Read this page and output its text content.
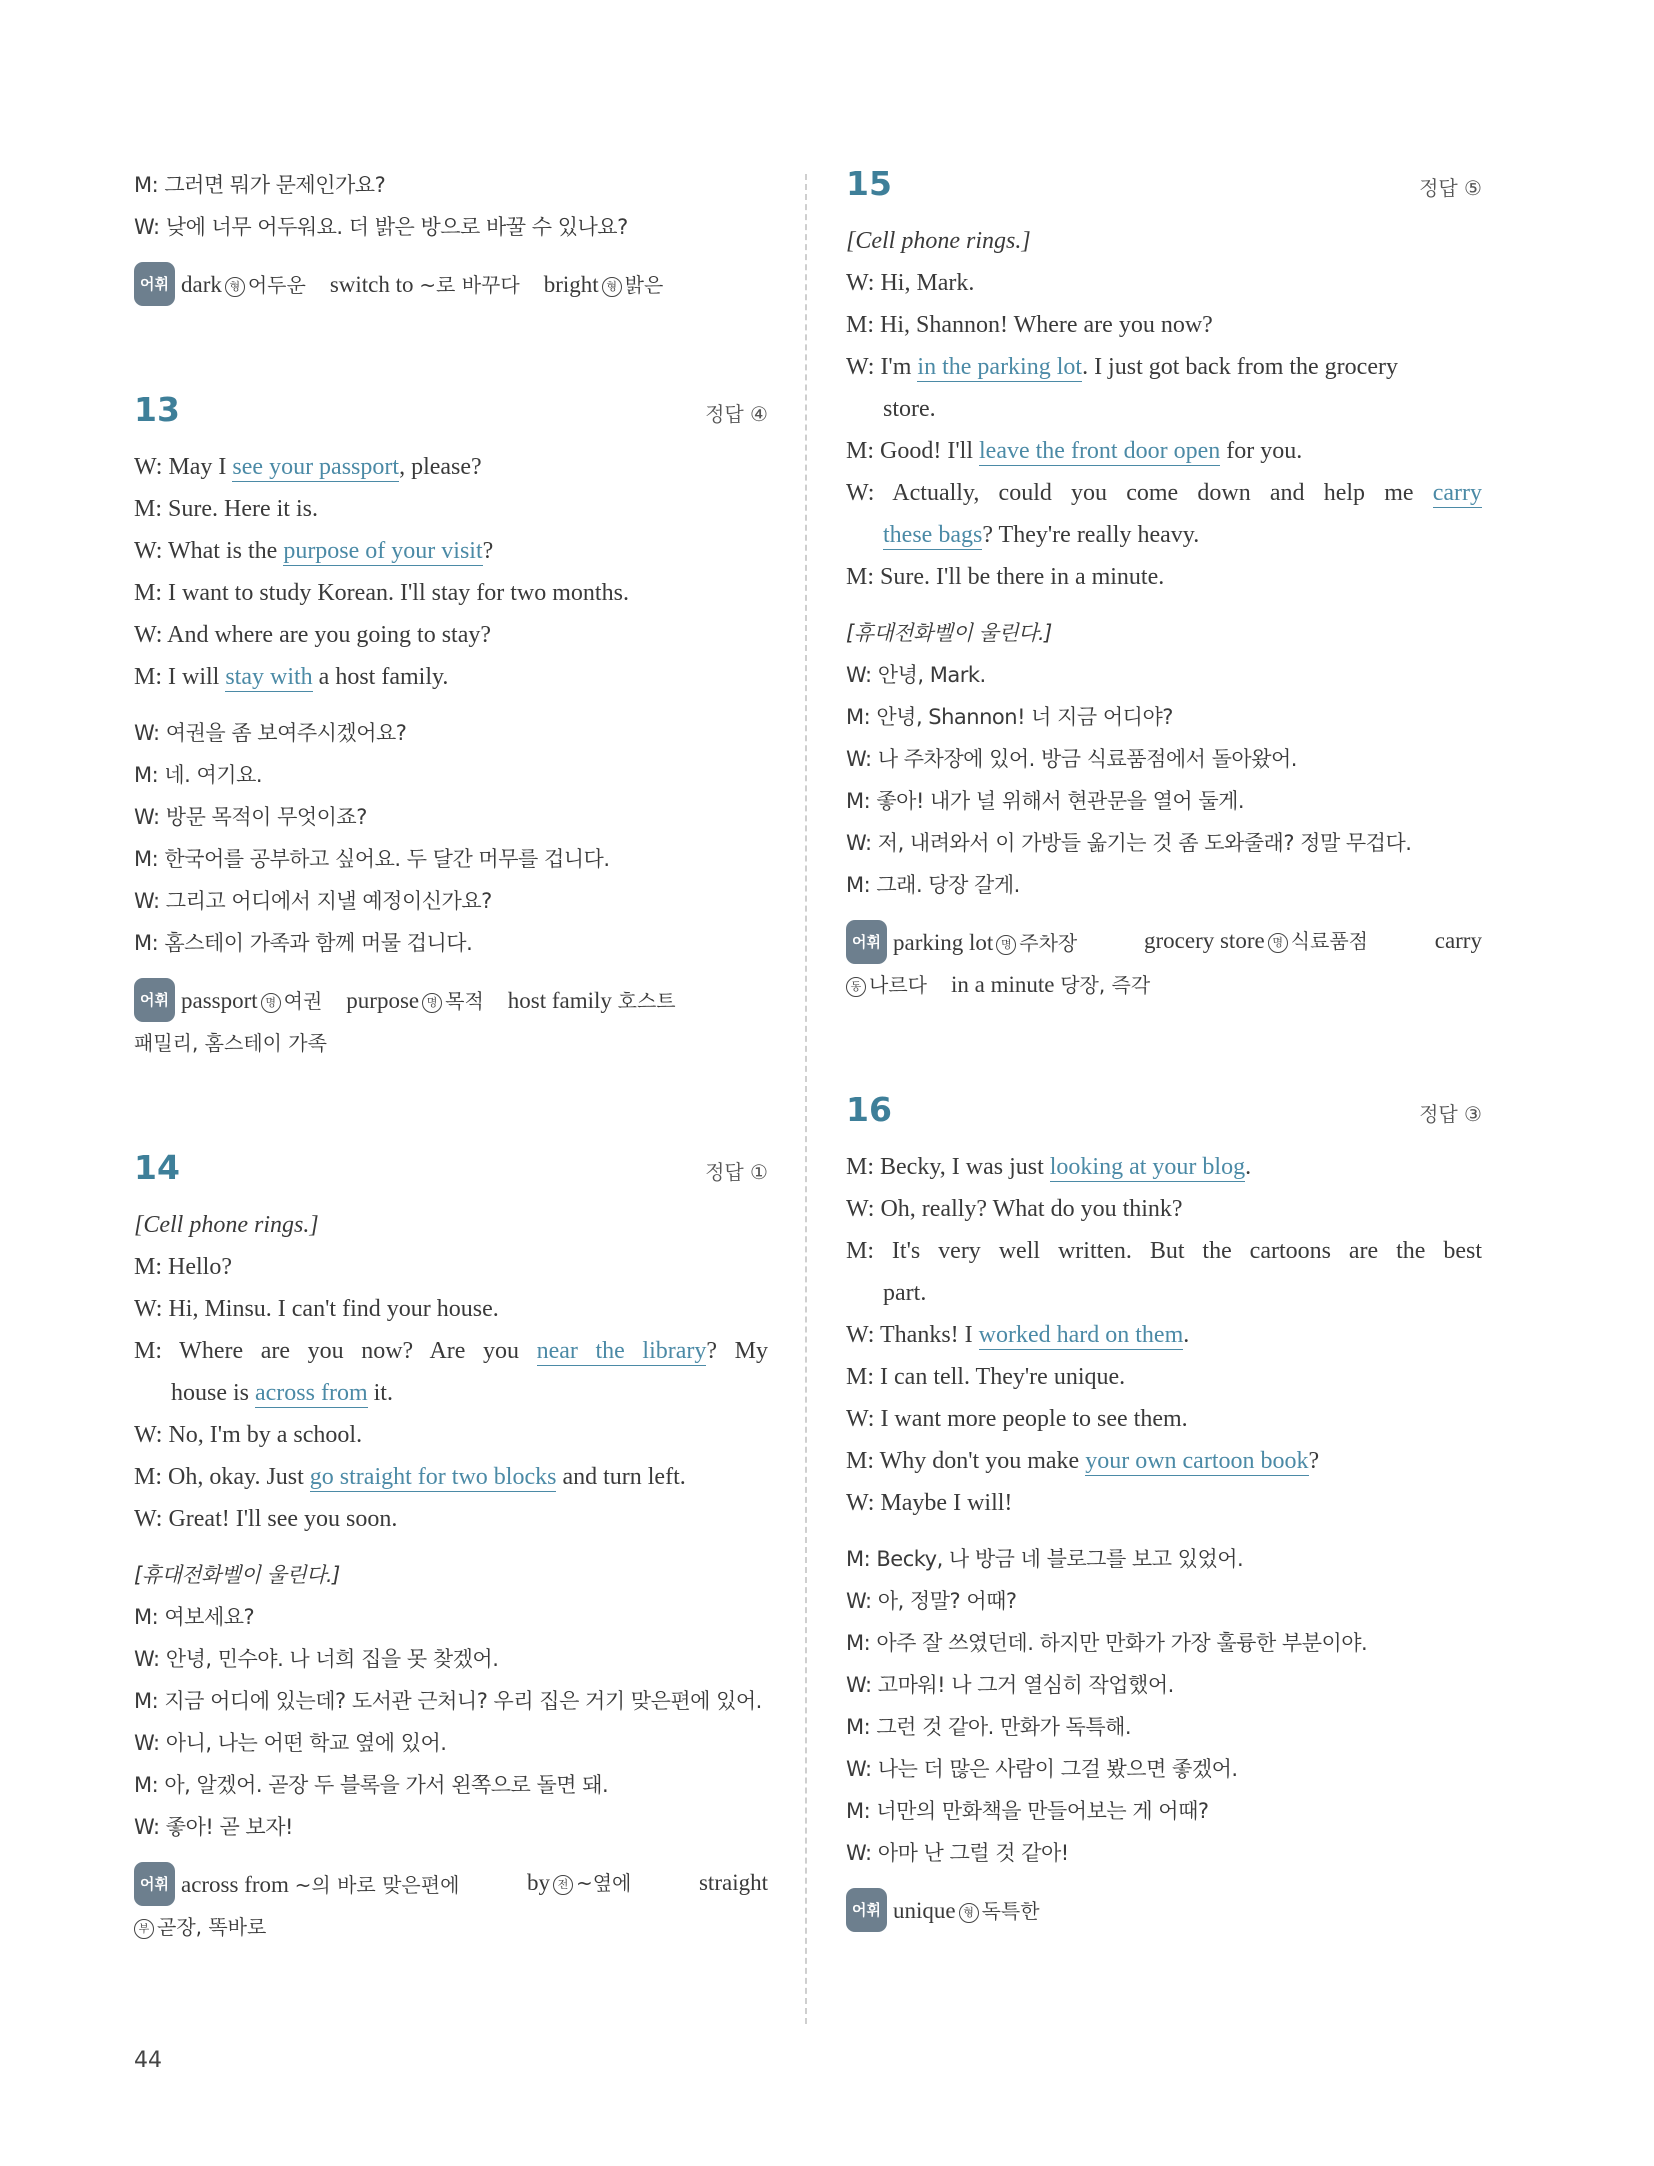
M: 그러면 뭐가 문제인가요?
W: 낮에 너무 어두워요. 더 밝은 방으로 바꿀 수 있나요?
어휘 dark 형 어두운 switch to ~로 바꾸다 bright 형 밝은
13	정답 ④
W: May I see your passport, please?
M: Sure. Here it is.
W: What is the purpose of your visit?
M: I want to study Korean. I'll stay for two months.
W: And where are you going to stay?
M: I will stay with a host family.
W: 여권을 좀 보여주시겠어요?
M: 네. 여기요.
W: 방문 목적이 무엇이죠?
M: 한국어를 공부하고 싶어요. 두 달간 머무를 겁니다.
W: 그리고 어디에서 지낼 예정이신가요?
M: 홈스테이 가족과 함께 머물 겁니다.
어휘 passport 명 여권 purpose 명 목적 host family 호스트
패밀리, 홈스테이 가족
14	정답 ①
[Cell phone rings.]
M: Hello?
W: Hi, Minsu. I can't find your house.
M: Where are you now? Are you near the library? My
house is across from it.
W: No, I'm by a school.
M: Oh, okay. Just go straight for two blocks and turn left.
W: Great! I'll see you soon.
[휴대전화벨이 울린다.]
M: 여보세요?
W: 안녕, 민수야. 나 너희 집을 못 찾겠어.
M: 지금 어디에 있는데? 도서관 근처니? 우리 집은 거기 맞은편에 있어.
W: 아니, 나는 어떤 학교 옆에 있어.
M: 아, 알겠어. 곧장 두 블록을 가서 왼쪽으로 돌면 돼.
W: 좋아! 곧 보자!
어휘 across from ~의 바로 맞은편에	by 전 ~옆에	straight
부 곧장, 똑바로
15	정답 ⑤
[Cell phone rings.]
W: Hi, Mark.
M: Hi, Shannon! Where are you now?
W: I'm in the parking lot. I just got back from the grocery
store.
M: Good! I'll leave the front door open for you.
W: Actually, could you come down and help me carry
these bags? They're really heavy.
M: Sure. I'll be there in a minute.
[휴대전화벨이 울린다.]
W: 안녕, Mark.
M: 안녕, Shannon! 너 지금 어디야?
W: 나 주차장에 있어. 방금 식료품점에서 돌아왔어.
M: 좋아! 내가 널 위해서 현관문을 열어 둘게.
W: 저, 내려와서 이 가방들 옮기는 것 좀 도와줄래? 정말 무겁다.
M: 그래. 당장 갈게.
어휘 parking lot 명 주차장	grocery store 명 식료품점	carry
동 나르다 in a minute 당장, 즉각
16	정답 ③
M: Becky, I was just looking at your blog.
W: Oh, really? What do you think?
M: It's very well written. But the cartoons are the best
part.
W: Thanks! I worked hard on them.
M: I can tell. They're unique.
W: I want more people to see them.
M: Why don't you make your own cartoon book?
W: Maybe I will!
M: Becky, 나 방금 네 블로그를 보고 있었어.
W: 아, 정말? 어때?
M: 아주 잘 쓰였던데. 하지만 만화가 가장 훌륭한 부분이야.
W: 고마워! 나 그거 열심히 작업했어.
M: 그런 것 같아. 만화가 독특해.
W: 나는 더 많은 사람이 그걸 봤으면 좋겠어.
M: 너만의 만화책을 만들어보는 게 어때?
W: 아마 난 그럴 것 같아!
어휘 unique 형 독특한
44
